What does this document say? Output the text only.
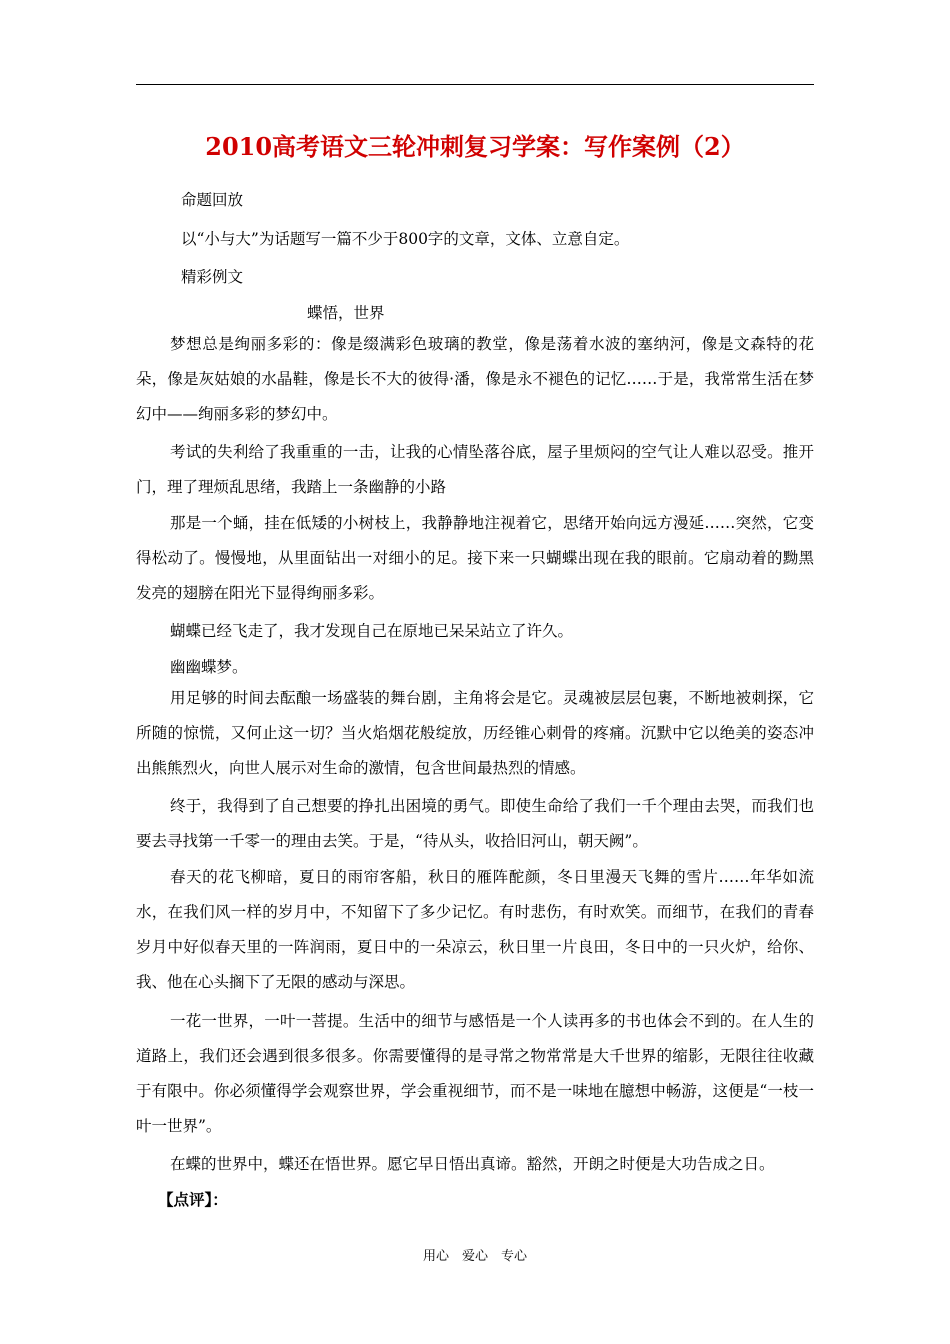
2010高考语文三轮冲刺复习学案：写作案例（2）
命题回放
以“小与大”为话题写一篇不少于800字的文章，文体、立意自定。
精彩例文
蝶悟，世界
梦想总是绚丽多彩的：像是缀满彩色玻璃的教堂，像是荡着水波的塞纳河，像是文森特的花朵，像是灰姑娘的水晶鞋，像是长不大的彼得·潘，像是永不褪色的记忆……于是，我常常生活在梦幻中——绚丽多彩的梦幻中。
考试的失利给了我重重的一击，让我的心情坠落谷底，屋子里烦闷的空气让人难以忍受。推开门，理了理烦乱思绪，我踏上一条幽静的小路
那是一个蛹，挂在低矮的小树枝上，我静静地注视着它，思绪开始向远方漫延……突然，它变得松动了。慢慢地，从里面钻出一对细小的足。接下来一只蝴蝶出现在我的眼前。它扇动着的黝黑发亮的翅膀在阳光下显得绚丽多彩。
蝴蝶已经飞走了，我才发现自己在原地已呆呆站立了许久。
幽幽蝶梦。
用足够的时间去酝酿一场盛装的舞台剧，主角将会是它。灵魂被层层包裹，不断地被刺探，它所随的惊慌，又何止这一切？当火焰烟花般绽放，历经锥心刺骨的疼痛。沉默中它以绝美的姿态冲出熊熊烈火，向世人展示对生命的激情，包含世间最热烈的情感。
终于，我得到了自己想要的挣扎出困境的勇气。即使生命给了我们一千个理由去哭，而我们也要去寻找第一千零一的理由去笑。于是，“待从头，收拾旧河山，朝天阙”。
春天的花飞柳暗，夏日的雨帘客船，秋日的雁阵酡颜，冬日里漫天飞舞的雪片……年华如流水，在我们风一样的岁月中，不知留下了多少记忆。有时悲伤，有时欢笑。而细节，在我们的青春岁月中好似春天里的一阵润雨，夏日中的一朵凉云，秋日里一片良田，冬日中的一只火炉，给你、我、他在心头搁下了无限的感动与深思。
一花一世界，一叶一菩提。生活中的细节与感悟是一个人读再多的书也体会不到的。在人生的道路上，我们还会遇到很多很多。你需要懂得的是寻常之物常常是大千世界的缩影，无限往往收藏于有限中。你必须懂得学会观察世界，学会重视细节，而不是一味地在臆想中畅游，这便是“一枝一叶一世界”。
在蝶的世界中，蝶还在悟世界。愿它早日悟出真谛。豁然，开朗之时便是大功告成之日。
【点评】：
用心　爱心　专心
